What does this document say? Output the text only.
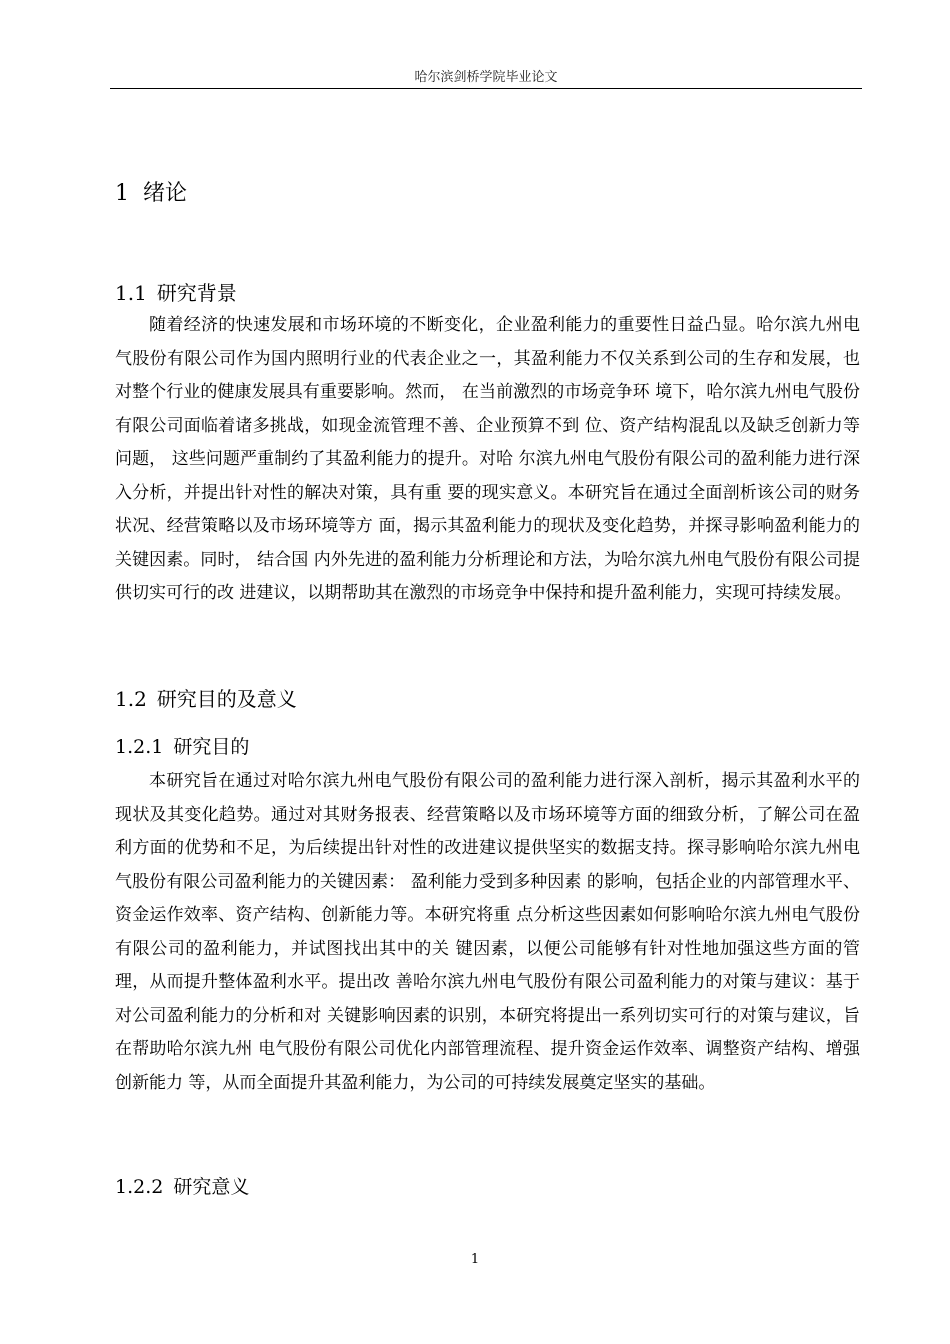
哈尔滨剑桥学院毕业论文
1 绪论
1.1 研究背景

随着经济的快速发展和市场环境的不断变化，企业盈利能力的重要性日益凸显。哈尔滨九州电气股份有限公司作为国内照明行业的代表企业之一，其盈利能力不仅关系到公司的生存和发展，也对整个行业的健康发展具有重要影响。然而， 在当前激烈的市场竞争环 境下，哈尔滨九州电气股份有限公司面临着诸多挑战，如现金流管理不善、企业预算不到 位、资产结构混乱以及缺乏创新力等问题， 这些问题严重制约了其盈利能力的提升。对哈 尔滨九州电气股份有限公司的盈利能力进行深入分析，并提出针对性的解决对策，具有重 要的现实意义。本研究旨在通过全面剖析该公司的财务状况、经营策略以及市场环境等方 面，揭示其盈利能力的现状及变化趋势，并探寻影响盈利能力的关键因素。同时， 结合国 内外先进的盈利能力分析理论和方法，为哈尔滨九州电气股份有限公司提供切实可行的改 进建议，以期帮助其在激烈的市场竞争中保持和提升盈利能力，实现可持续发展。

1.2 研究目的及意义
1.2.1 研究目的

本研究旨在通过对哈尔滨九州电气股份有限公司的盈利能力进行深入剖析，揭示其盈利水平的现状及其变化趋势。通过对其财务报表、经营策略以及市场环境等方面的细致分析，了解公司在盈利方面的优势和不足，为后续提出针对性的改进建议提供坚实的数据支持。探寻影响哈尔滨九州电气股份有限公司盈利能力的关键因素： 盈利能力受到多种因素 的影响，包括企业的内部管理水平、资金运作效率、资产结构、创新能力等。本研究将重 点分析这些因素如何影响哈尔滨九州电气股份有限公司的盈利能力，并试图找出其中的关 键因素，以便公司能够有针对性地加强这些方面的管理，从而提升整体盈利水平。提出改 善哈尔滨九州电气股份有限公司盈利能力的对策与建议：基于对公司盈利能力的分析和对 关键影响因素的识别，本研究将提出一系列切实可行的对策与建议，旨在帮助哈尔滨九州 电气股份有限公司优化内部管理流程、提升资金运作效率、调整资产结构、增强创新能力 等，从而全面提升其盈利能力，为公司的可持续发展奠定坚实的基础。

1.2.2 研究意义
1
